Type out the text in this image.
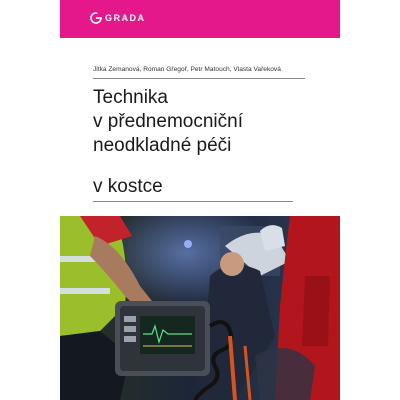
GRADA
Jitka Zemanová, Roman Gřegoř, Petr Matouch, Vlasta Vařeková
Technika
v přednemocniční
neodkladné péči
v kostce
